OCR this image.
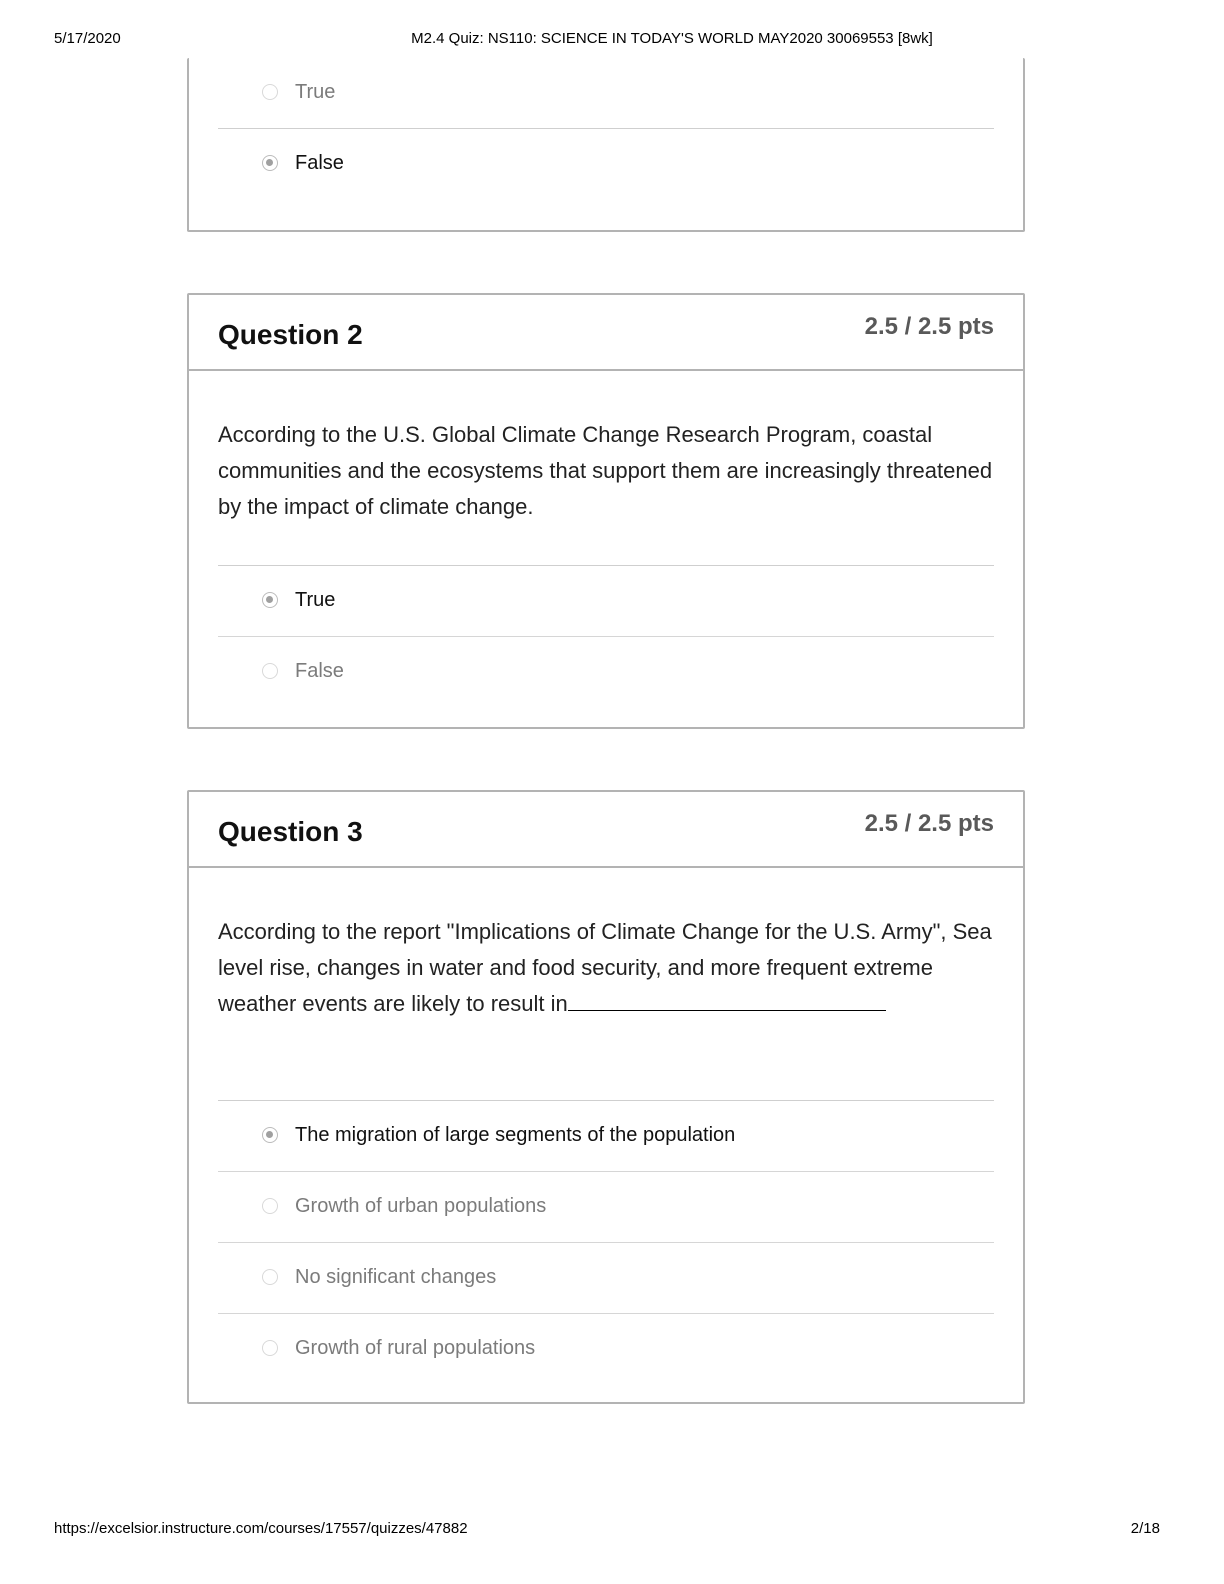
5/17/2020	M2.4 Quiz: NS110: SCIENCE IN TODAY'S WORLD MAY2020 30069553 [8wk]
True
False
Question 2	2.5 / 2.5 pts
According to the U.S. Global Climate Change Research Program, coastal communities and the ecosystems that support them are increasingly threatened by the impact of climate change.
True
False
Question 3	2.5 / 2.5 pts
According to the report "Implications of Climate Change for the U.S. Army", Sea level rise, changes in water and food security, and more frequent extreme weather events are likely to result in
The migration of large segments of the population
Growth of urban populations
No significant changes
Growth of rural populations
https://excelsior.instructure.com/courses/17557/quizzes/47882	2/18
